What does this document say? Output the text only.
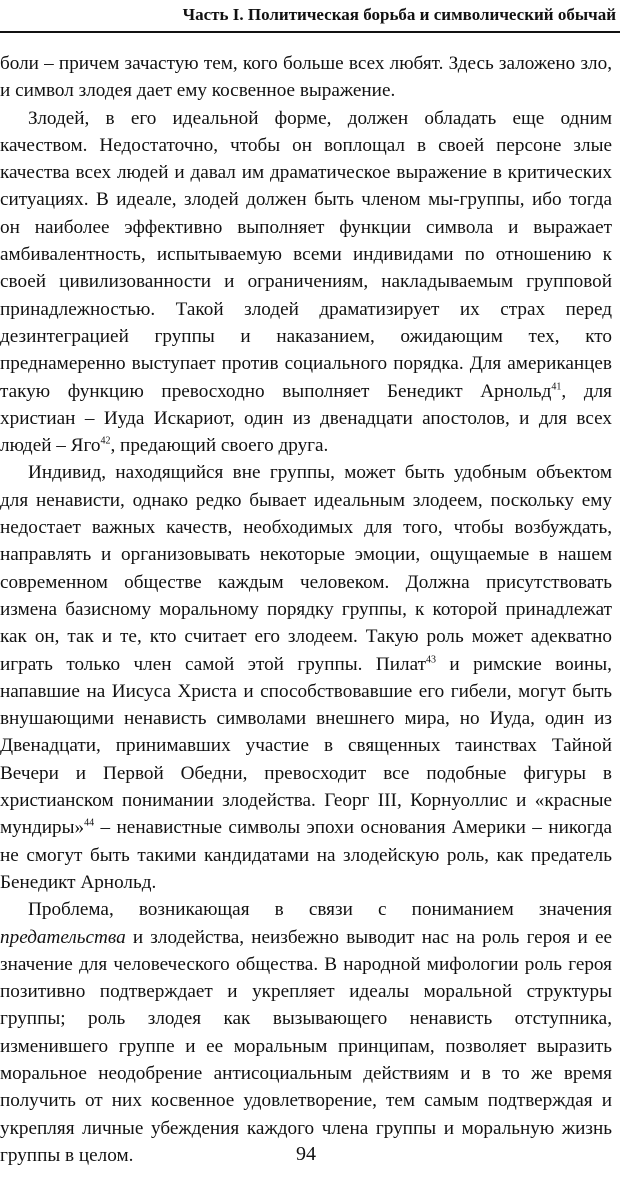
Часть I. Политическая борьба и символический обычай

боли – причем зачастую тем, кого больше всех любят. Здесь заложено зло, и символ злодея дает ему косвенное выражение.

Злодей, в его идеальной форме, должен обладать еще одним качеством. Недостаточно, чтобы он воплощал в своей персоне злые качества всех людей и давал им драматическое выражение в критических ситуациях. В идеале, злодей должен быть членом мы-группы, ибо тогда он наиболее эффективно выполняет функции символа и выражает амбивалентность, испытываемую всеми индивидами по отношению к своей цивилизованности и ограничениям, накладываемым групповой принадлежностью. Такой злодей драматизирует их страх перед дезинтеграцией группы и наказанием, ожидающим тех, кто преднамеренно выступает против социального порядка. Для американцев такую функцию превосходно выполняет Бенедикт Арнольд$^{41}$, для христиан – Иуда Искариот, один из двенадцати апостолов, и для всех людей – Яго$^{42}$, предающий своего друга.

Индивид, находящийся вне группы, может быть удобным объектом для ненависти, однако редко бывает идеальным злодеем, поскольку ему недостает важных качеств, необходимых для того, чтобы возбуждать, направлять и организовывать некоторые эмоции, ощущаемые в нашем современном обществе каждым человеком. Должна присутствовать измена базисному моральному порядку группы, к которой принадлежат как он, так и те, кто считает его злодеем. Такую роль может адекватно играть только член самой этой группы. Пилат$^{43}$ и римские воины, напавшие на Иисуса Христа и способствовавшие его гибели, могут быть внушающими ненависть символами внешнего мира, но Иуда, один из Двенадцати, принимавших участие в священных таинствах Тайной Вечери и Первой Обедни, превосходит все подобные фигуры в христианском понимании злодейства. Георг III, Корнуоллис и «красные мундиры»$^{44}$ – ненавистные символы эпохи основания Америки – никогда не смогут быть такими кандидатами на злодейскую роль, как предатель Бенедикт Арнольд.

Проблема, возникающая в связи с пониманием значения предательства и злодейства, неизбежно выводит нас на роль героя и ее значение для человеческого общества. В народной мифологии роль героя позитивно подтверждает и укрепляет идеалы моральной структуры группы; роль злодея как вызывающего ненависть отступника, изменившего группе и ее моральным принципам, позволяет выразить моральное неодобрение антисоциальным действиям и в то же время получить от них косвенное удовлетворение, тем самым подтверждая и укрепляя личные убеждения каждого члена группы и моральную жизнь группы в целом.	94
